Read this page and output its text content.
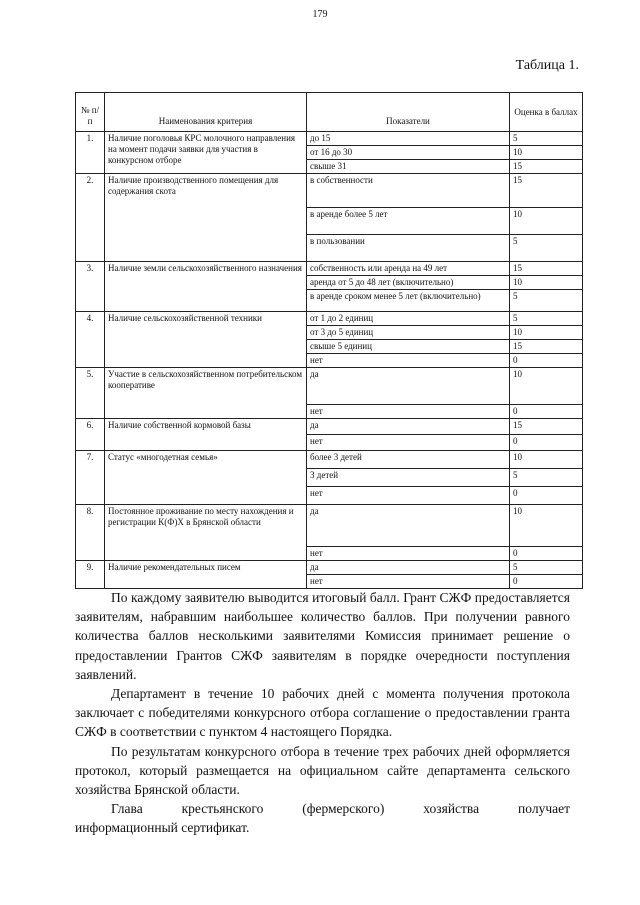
179
Таблица 1.
№ п/п	Наименования критерия	Показатели	Оценка в баллах
1.	Наличие поголовья КРС молочного направления на момент подачи заявки для участия в конкурсном отборе	до 15	5
		от 16 до 30	10
		свыше 31	15
2.	Наличие производственного помещения для содержания скота	в собственности	15
		в аренде более 5 лет	10
		в пользовании	5
3.	Наличие земли сельскохозяйственного назначения	собственность или аренда на 49 лет	15
		аренда от 5 до 48 лет (включительно)	10
		в аренде сроком менее 5 лет (включительно)	5
4.	Наличие сельскохозяйственной техники	от 1 до 2 единиц	5
		от 3 до 5 единиц	10
		свыше 5 единиц	15
		нет	0
5.	Участие в сельскохозяйственном потребительском кооперативе	да	10
		нет	0
6.	Наличие собственной кормовой базы	да	15
		нет	0
7.	Статус «многодетная семья»	более 3 детей	10
		3 детей	5
		нет	0
8.	Постоянное проживание по месту нахождения и регистрации К(Ф)Х в Брянской области	да	10
		нет	0
9.	Наличие рекомендательных писем	да	5
		нет	0

По каждому заявителю выводится итоговый балл. Грант СЖФ предоставляется заявителям, набравшим наибольшее количество баллов. При получении равного количества баллов несколькими заявителями Комиссия принимает решение о предоставлении Грантов СЖФ заявителям в порядке очередности поступления заявлений.

Департамент в течение 10 рабочих дней с момента получения протокола заключает с победителями конкурсного отбора соглашение о предоставлении гранта СЖФ в соответствии с пунктом 4 настоящего Порядка.

По результатам конкурсного отбора в течение трех рабочих дней оформляется протокол, который размещается на официальном сайте департамента сельского хозяйства Брянской области.

Глава крестьянского (фермерского) хозяйства получает

информационный сертификат.
